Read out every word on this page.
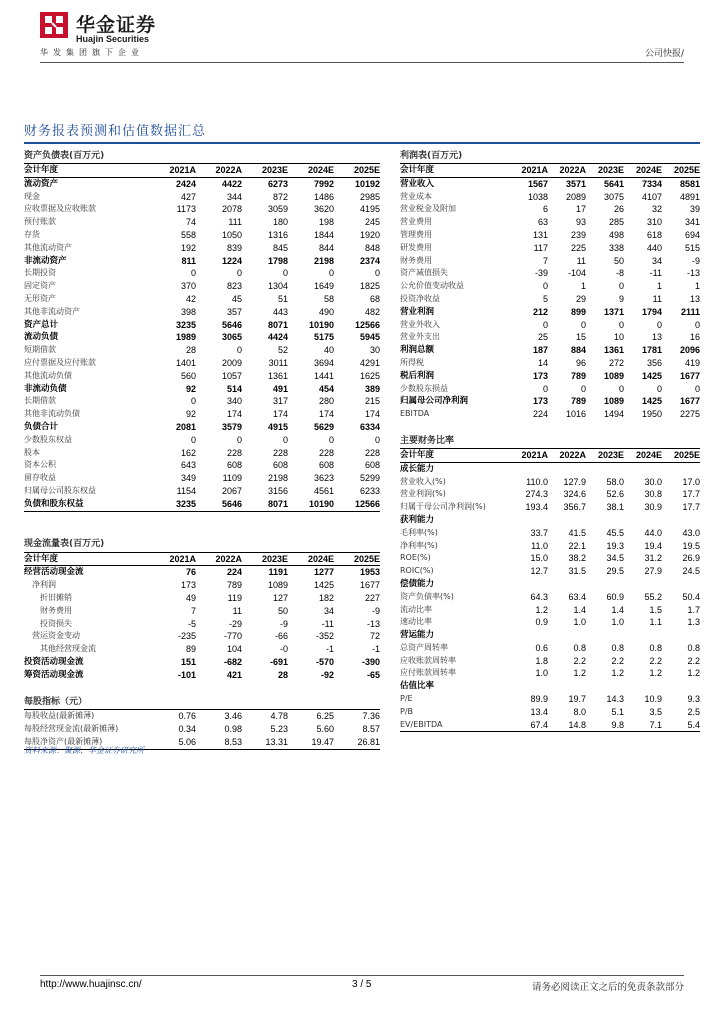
华金证券
Huajin Securities
华发集团旗下企业	公司快报/
财务报表预测和估值数据汇总
资产负债表(百万元)					
会计年度	2021A	2022A	2023E	2024E	2025E
流动资产	2424	4422	6273	7992	10192
现金	427	344	872	1486	2985
应收票据及应收账款	1173	2078	3059	3620	4195
预付账款	74	111	180	198	245
存货	558	1050	1316	1844	1920
其他流动资产	192	839	845	844	848
非流动资产	811	1224	1798	2198	2374
长期投资	0	0	0	0	0
固定资产	370	823	1304	1649	1825
无形资产	42	45	51	58	68
其他非流动资产	398	357	443	490	482
资产总计	3235	5646	8071	10190	12566
流动负债	1989	3065	4424	5175	5945
短期借款	28	0	52	40	30
应付票据及应付账款	1401	2009	3011	3694	4291
其他流动负债	560	1057	1361	1441	1625
非流动负债	92	514	491	454	389
长期借款	0	340	317	280	215
其他非流动负债	92	174	174	174	174
负债合计	2081	3579	4915	5629	6334
少数股东权益	0	0	0	0	0
股本	162	228	228	228	228
资本公积	643	608	608	608	608
留存收益	349	1109	2198	3623	5299
归属母公司股东权益	1154	2067	3156	4561	6233
负债和股东权益	3235	5646	8071	10190	12566

现金流量表(百万元)					
会计年度	2021A	2022A	2023E	2024E	2025E
经营活动现金流	76	224	1191	1277	1953
净利润	173	789	1089	1425	1677
折旧摊销	49	119	127	182	227
财务费用	7	11	50	34	-9
投资损失	-5	-29	-9	-11	-13
营运资金变动	-235	-770	-66	-352	72
其他经营现金流	89	104	-0	-1	-1
投资活动现金流	151	-682	-691	-570	-390
筹资活动现金流	-101	421	28	-92	-65

每股指标（元）					
每股收益(最新摊薄)	0.76	3.46	4.78	6.25	7.36
每股经营现金流(最新摊薄)	0.34	0.98	5.23	5.60	8.57
每股净资产(最新摊薄)	5.06	8.53	13.31	19.47	26.81
利润表(百万元)					
会计年度	2021A	2022A	2023E	2024E	2025E
营业收入	1567	3571	5641	7334	8581
营业成本	1038	2089	3075	4107	4891
营业税金及附加	6	17	26	32	39
营业费用	63	93	285	310	341
管理费用	131	239	498	618	694
研发费用	117	225	338	440	515
财务费用	7	11	50	34	-9
资产减值损失	-39	-104	-8	-11	-13
公允价值变动收益	0	1	0	1	1
投资净收益	5	29	9	11	13
营业利润	212	899	1371	1794	2111
营业外收入	0	0	0	0	0
营业外支出	25	15	10	13	16
利润总额	187	884	1361	1781	2096
所得税	14	96	272	356	419
税后利润	173	789	1089	1425	1677
少数股东损益	0	0	0	0	0
归属母公司净利润	173	789	1089	1425	1677
EBITDA	224	1016	1494	1950	2275

主要财务比率					
会计年度	2021A	2022A	2023E	2024E	2025E
成长能力					
营业收入(%)	110.0	127.9	58.0	30.0	17.0
营业利润(%)	274.3	324.6	52.6	30.8	17.7
归属于母公司净利润(%)	193.4	356.7	38.1	30.9	17.7
获利能力					
毛利率(%)	33.7	41.5	45.5	44.0	43.0
净利率(%)	11.0	22.1	19.3	19.4	19.5
ROE(%)	15.0	38.2	34.5	31.2	26.9
ROIC(%)	12.7	31.5	29.5	27.9	24.5
偿债能力					
资产负债率(%)	64.3	63.4	60.9	55.2	50.4
流动比率	1.2	1.4	1.4	1.5	1.7
速动比率	0.9	1.0	1.0	1.1	1.3
营运能力					
总资产周转率	0.6	0.8	0.8	0.8	0.8
应收账款周转率	1.8	2.2	2.2	2.2	2.2
应付账款周转率	1.0	1.2	1.2	1.2	1.2
估值比率					
P/E	89.9	19.7	14.3	10.9	9.3
P/B	13.4	8.0	5.1	3.5	2.5
EV/EBITDA	67.4	14.8	9.8	7.1	5.4
资料来源：聚源、华金证券研究所
http://www.huajinsc.cn/	3 / 5	请务必阅读正文之后的免责条款部分
